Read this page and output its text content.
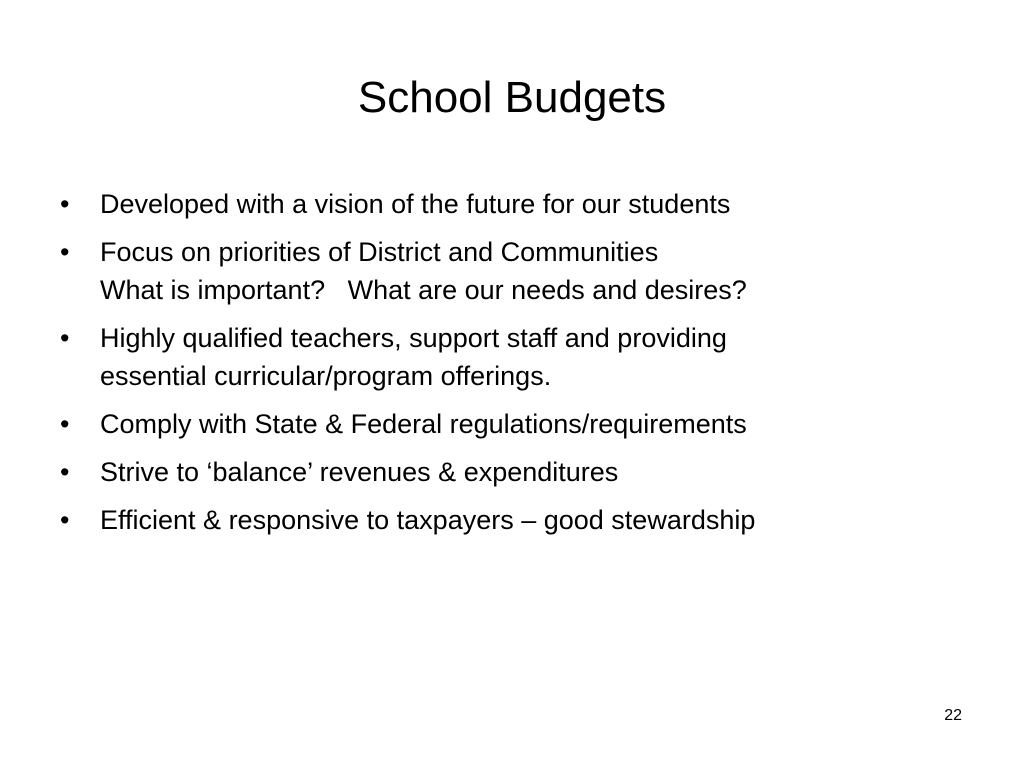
School Budgets
•	Developed with a vision of the future for our students
•	Focus on priorities of District and Communities
What is important?   What are our needs and desires?
•	Highly qualified teachers, support staff and providing
essential curricular/program offerings.
•	Comply with State & Federal regulations/requirements
•	Strive to ‘balance’ revenues & expenditures
•	Efficient & responsive to taxpayers – good stewardship
22
